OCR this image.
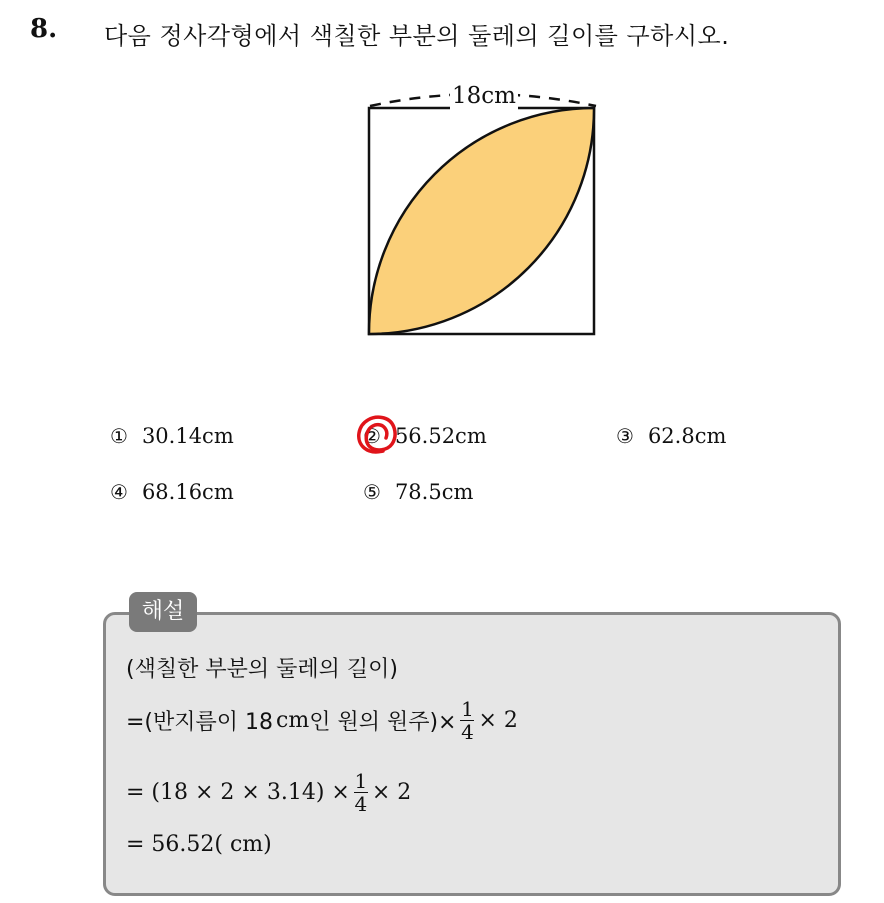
8. 다음 정사각형에서 색칠한 부분의 둘레의 길이를 구하시오.
18cm
① 30.14cm	② 56.52cm	③ 62.8cm
④ 68.16cm	⑤ 78.5cm
해설
(색칠한 부분의 둘레의 길이)
=(반지름이 18 cm 인 원의 원주)× $\frac{1}{4} \times 2$
= $(18 \times 2 \times 3.14) \times \frac{1}{4} \times 2$
= 56.52( cm)
